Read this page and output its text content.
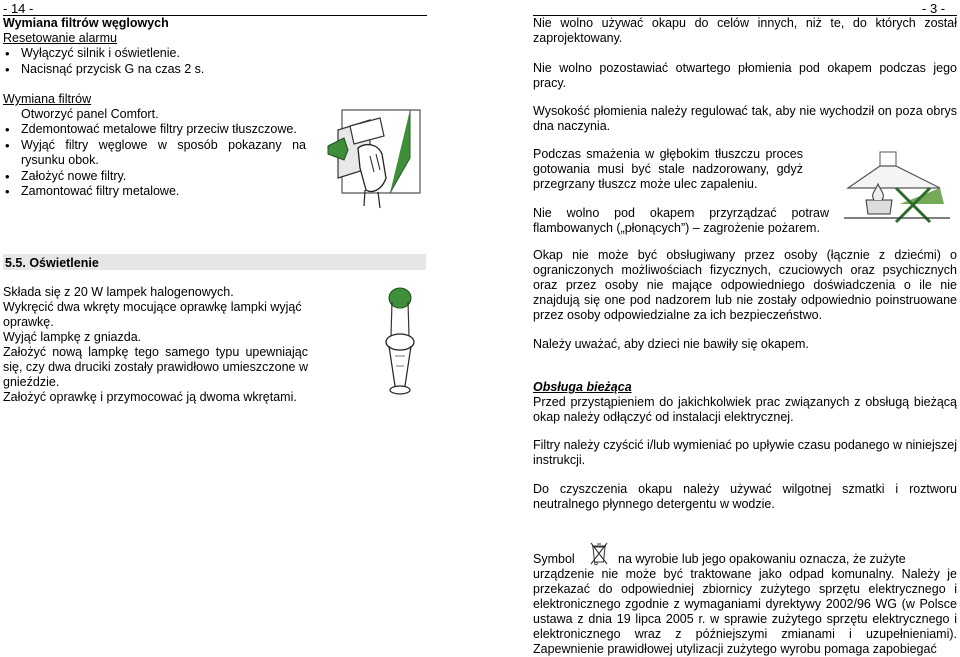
- 14 -
Wymiana filtrów węglowych
Resetowanie alarmu
• Wyłączyć silnik i oświetlenie.
• Nacisnąć przycisk G na czas 2 s.
Wymiana filtrów
Otworzyć panel Comfort.
• Zdemontować metalowe filtry przeciw tłuszczowe.
• Wyjąć filtry węglowe w sposób pokazany na rysunku obok.
• Założyć nowe filtry.
• Zamontować filtry metalowe.
5.5. Oświetlenie
Składa się z 20 W lampek halogenowych.
Wykręcić dwa wkręty mocujące oprawkę lampki wyjąć oprawkę.
Wyjąć lampkę z gniazda.
Założyć nową lampkę tego samego typu upewniając się, czy dwa druciki zostały prawidłowo umieszczone w gnieździe.
Założyć oprawkę i przymocować ją dwoma wkrętami.
- 3 -
Nie wolno używać okapu do celów innych, niż te, do których został zaprojektowany.
Nie wolno pozostawiać otwartego płomienia pod okapem podczas jego pracy.
Wysokość płomienia należy regulować tak, aby nie wychodził on poza obrys dna naczynia.
Podczas smażenia w głębokim tłuszczu proces gotowania musi być stale nadzorowany, gdyż przegrzany tłuszcz może ulec zapaleniu.
Nie wolno pod okapem przyrządzać potraw flambowanych („płonących”) – zagrożenie pożarem.
Okap nie może być obsługiwany przez osoby (łącznie z dziećmi) o ograniczonych możliwościach fizycznych, czuciowych oraz psychicznych oraz przez osoby nie mające odpowiedniego doświadczenia o ile nie znajdują się one pod nadzorem lub nie zostały odpowiednio poinstruowane przez osoby odpowiedzialne za ich bezpieczeństwo.
Należy uważać, aby dzieci nie bawiły się okapem.
Obsługa bieżąca
Przed przystąpieniem do jakichkolwiek prac związanych z obsługą bieżącą okap należy odłączyć od instalacji elektrycznej.
Filtry należy czyścić i/lub wymieniać po upływie czasu podanego w niniejszej instrukcji.
Do czyszczenia okapu należy używać wilgotnej szmatki i roztworu neutralnego płynnego detergentu w wodzie.
Symbol	na wyrobie lub jego opakowaniu oznacza, że zużyte
urządzenie nie może być traktowane jako odpad komunalny. Należy je przekazać do odpowiedniej zbiornicy zużytego sprzętu elektrycznego i elektronicznego zgodnie z wymaganiami dyrektywy 2002/96 WG (w Polsce ustawa z dnia 19 lipca 2005 r. w sprawie zużytego sprzętu elektrycznego i elektronicznego wraz z późniejszymi zmianami i uzupełnieniami). Zapewnienie prawidłowej utylizacji zużytego wyrobu pomaga zapobiegać
